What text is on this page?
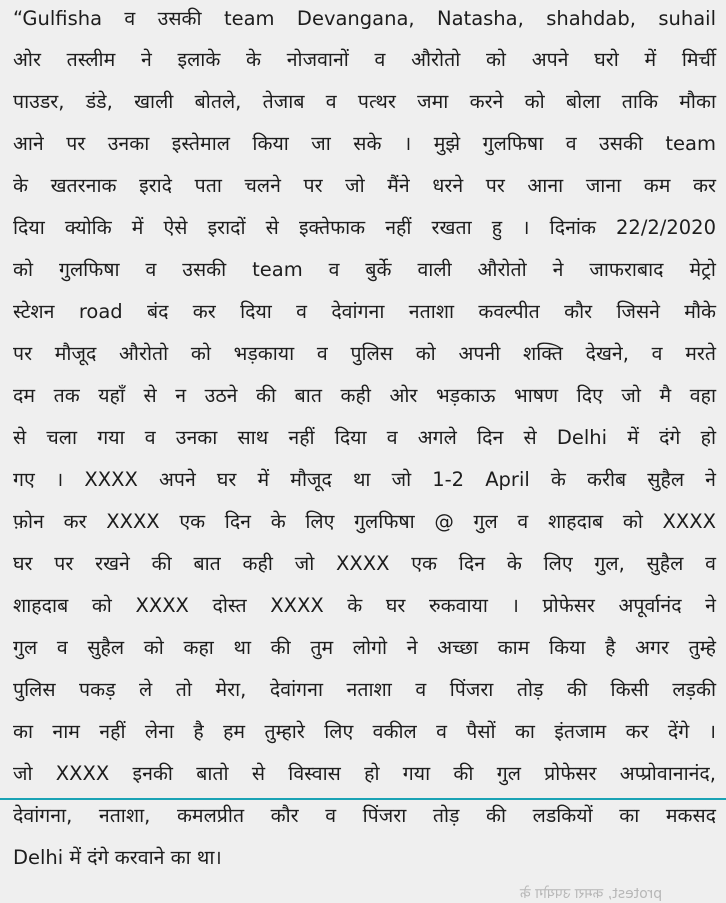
“Gulfisha व उसकी team Devangana, Natasha, shahdab, suhail
ओर तस्लीम ने इलाके के नोजवानों व औरोतो को अपने घरो में मिर्ची
पाउडर, डंडे, खाली बोतले, तेजाब व पत्थर जमा करने को बोला ताकि मौका
आने पर उनका इस्तेमाल किया जा सके । मुझे गुलफिषा व उसकी team
के खतरनाक इरादे पता चलने पर जो मैंने धरने पर आना जाना कम कर
दिया क्योकि में ऐसे इरादों से इक्तेफाक नहीं रखता हु । दिनांक 22/2/2020
को गुलफिषा व उसकी team व बुर्के वाली औरोतो ने जाफराबाद मेट्रो
स्टेशन road बंद कर दिया व देवांगना नताशा कवल्पीत कौर जिसने मौके
पर मौजूद औरोतो को भड़काया व पुलिस को अपनी शक्ति देखने, व मरते
दम तक यहाँ से न उठने की बात कही ओर भड़काऊ भाषण दिए जो मै वहा
से चला गया व उनका साथ नहीं दिया व अगले दिन से Delhi में दंगे हो
गए । XXXX अपने घर में मौजूद था जो 1-2 April के करीब सुहैल ने
फ़ोन कर XXXX एक दिन के लिए गुलफिषा @ गुल व शाहदाब को XXXX
घर पर रखने की बात कही जो XXXX एक दिन के लिए गुल, सुहैल व
शाहदाब को XXXX दोस्त XXXX के घर रुकवाया । प्रोफेसर अपूर्वानंद ने
गुल व सुहैल को कहा था की तुम लोगो ने अच्छा काम किया है अगर तुम्हे
पुलिस पकड़ ले तो मेरा, देवांगना नताशा व पिंजरा तोड़ की किसी लड़की
का नाम नहीं लेना है हम तुम्हारे लिए वकील व पैसों का इंतजाम कर देंगे ।
जो XXXX इनकी बातो से विस्वास हो गया की गुल प्रोफेसर अप्प्रोवानानंद,
देवांगना, नताशा, कमलप्रीत कौर व पिंजरा तोड़ की लडकियों का मकसद
Delhi में दंगे करवाने का था।
protest, कमरा उपयोग के
